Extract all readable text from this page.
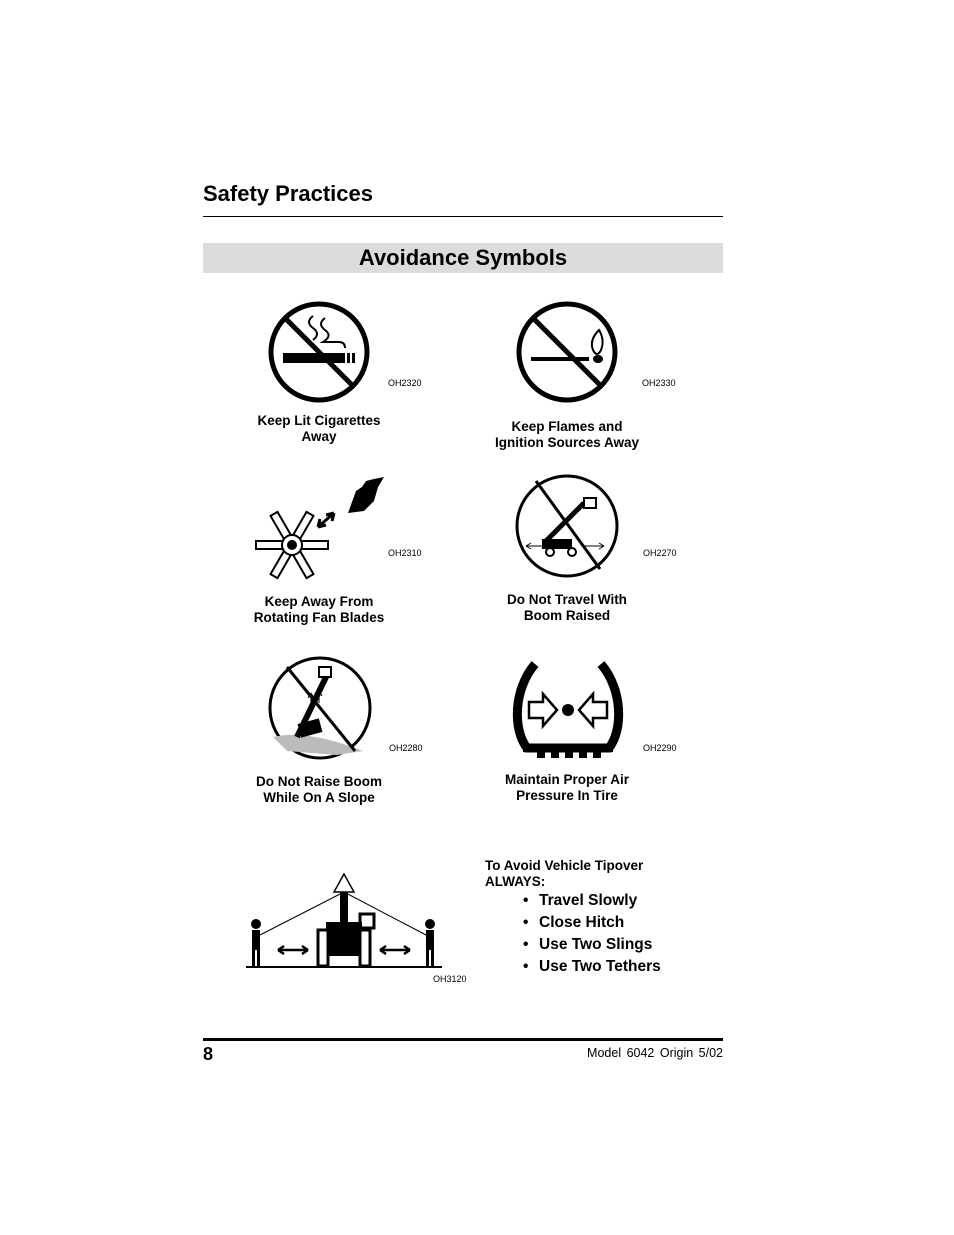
Safety Practices
Avoidance Symbols
OH2320
Keep Lit Cigarettes
Away
OH2330
Keep Flames and
Ignition Sources Away
OH2310
Keep Away From
Rotating Fan Blades
OH2270
Do Not Travel With
Boom Raised
OH2280
Do Not Raise Boom
While On A Slope
OH2290
Maintain Proper Air
Pressure In Tire
OH3120
To Avoid Vehicle Tipover
ALWAYS:
• Travel Slowly
• Close Hitch
• Use Two Slings
• Use Two Tethers
8	Model 6042 Origin 5/02
